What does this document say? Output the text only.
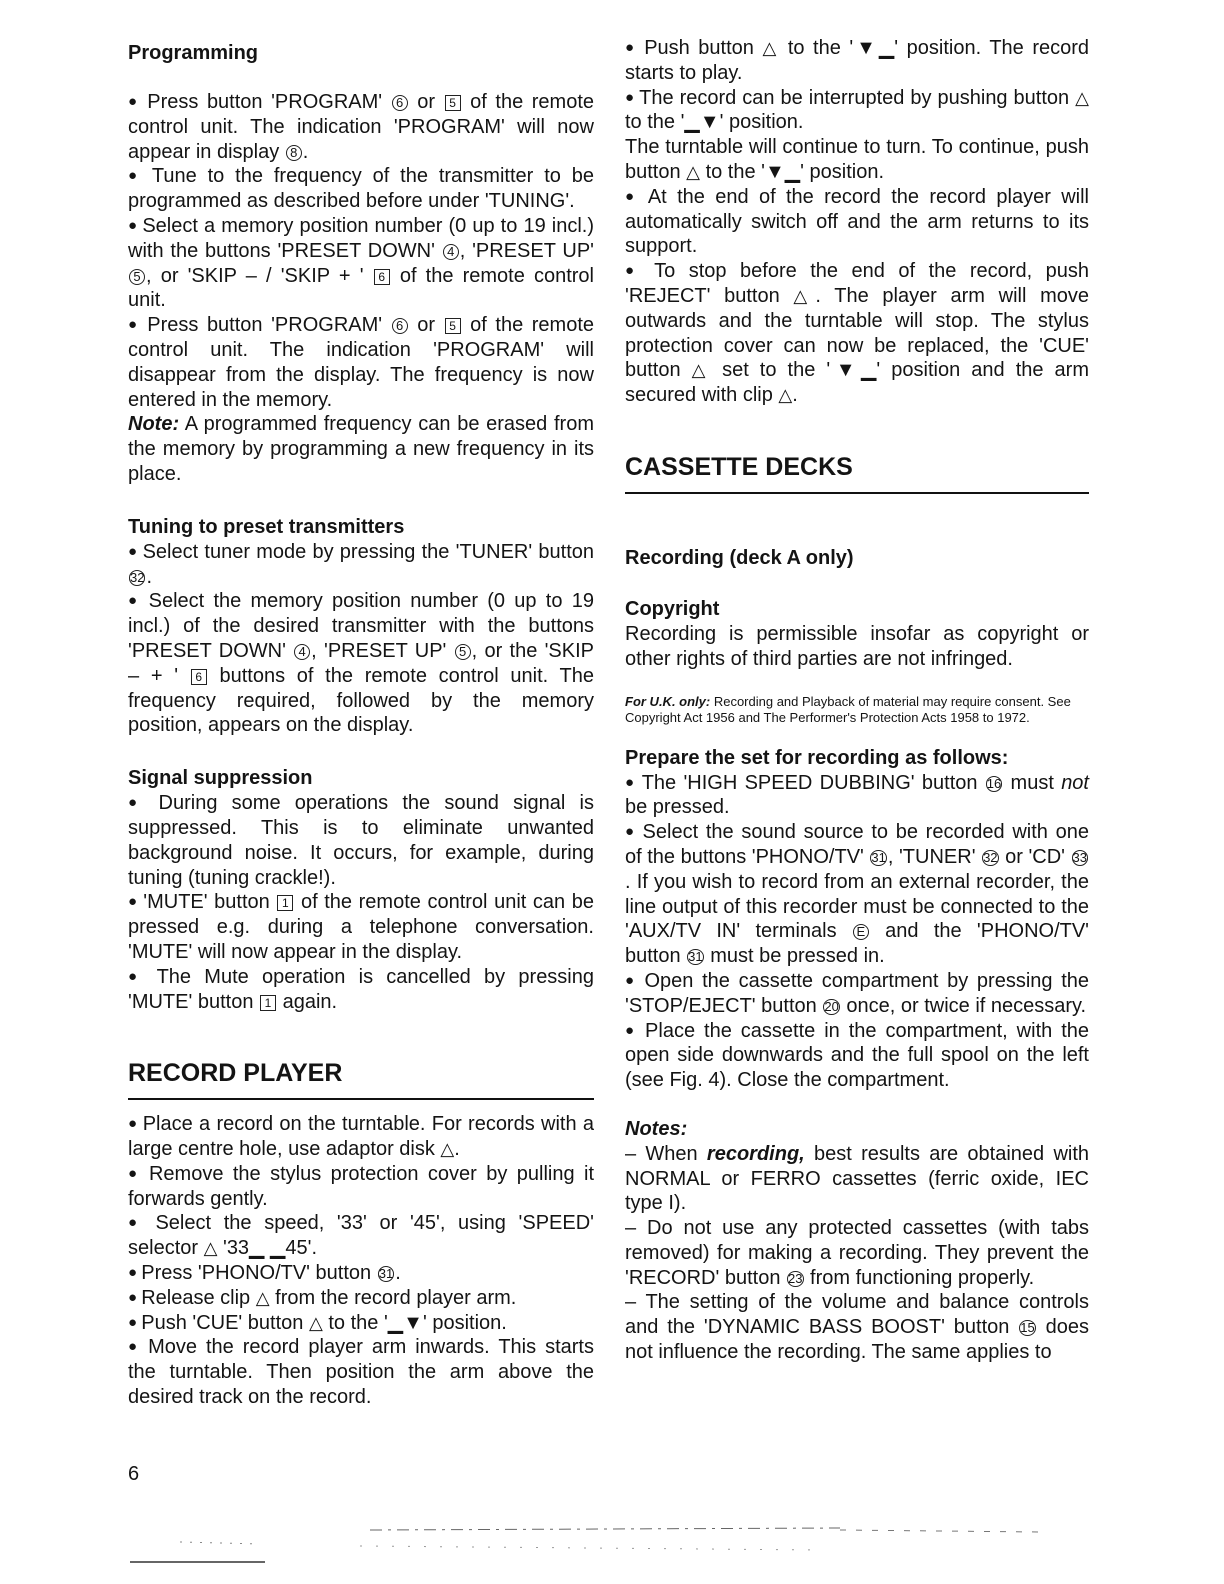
Programming

● Press button 'PROGRAM' 6 or 5 of the remote control unit. The indication 'PROGRAM' will now appear in display 8 .

● Tune to the frequency of the transmitter to be programmed as described before under 'TUNING'.

● Select a memory position number (0 up to 19 incl.) with the buttons 'PRESET DOWN' 4 , 'PRESET UP' 5 , or 'SKIP – / 'SKIP + ' 6 of the remote control unit.

● Press button 'PROGRAM' 6 or 5 of the remote control unit. The indication 'PROGRAM' will disappear from the display. The frequency is now entered in the memory.

Note: A programmed frequency can be erased from the memory by programming a new frequency in its place.

Tuning to preset transmitters

● Select tuner mode by pressing the 'TUNER' button 32 .

● Select the memory position number (0 up to 19 incl.) of the desired transmitter with the buttons 'PRESET DOWN' 4 , 'PRESET UP' 5 , or the 'SKIP – + ' 6 buttons of the remote control unit. The frequency required, followed by the memory position, appears on the display.

Signal suppression

● During some operations the sound signal is suppressed. This is to eliminate unwanted background noise. It occurs, for example, during tuning (tuning crackle!).

● 'MUTE' button 1 of the remote control unit can be pressed e.g. during a telephone conversation. 'MUTE' will now appear in the display.

● The Mute operation is cancelled by pressing 'MUTE' button 1 again.

RECORD PLAYER

● Place a record on the turntable. For records with a large centre hole, use adaptor disk △.

● Remove the stylus protection cover by pulling it forwards gently.

● Select the speed, '33' or '45', using 'SPEED' selector △ '33▁ ▁45'.

● Press 'PHONO/TV' button 31 .

● Release clip △ from the record player arm.

● Push 'CUE' button △ to the '▁▼' position.

● Move the record player arm inwards. This starts the turntable. Then position the arm above the desired track on the record.

● Push button △ to the '▼▁' position. The record starts to play.

● The record can be interrupted by pushing button △ to the '▁▼' position.

The turntable will continue to turn. To continue, push button △ to the '▼▁' position.

● At the end of the record the record player will automatically switch off and the arm returns to its support.

● To stop before the end of the record, push 'REJECT' button △. The player arm will move outwards and the turntable will stop. The stylus protection cover can now be replaced, the 'CUE' button △ set to the '▼▁' position and the arm secured with clip △.

CASSETTE DECKS
Recording (deck A only)
Copyright

Recording is permissible insofar as copyright or other rights of third parties are not infringed.

For U.K. only: Recording and Playback of material may require consent. See Copyright Act 1956 and The Performer's Protection Acts 1958 to 1972.

Prepare the set for recording as follows:

● The 'HIGH SPEED DUBBING' button 16 must not be pressed.

● Select the sound source to be recorded with one of the buttons 'PHONO/TV' 31 , 'TUNER' 32 or 'CD' 33. If you wish to record from an external recorder, the line output of this recorder must be connected to the 'AUX/TV IN' terminals E and the 'PHONO/TV' button 31 must be pressed in.

● Open the cassette compartment by pressing the 'STOP/EJECT' button 20 once, or twice if necessary.

● Place the cassette in the compartment, with the open side downwards and the full spool on the left (see Fig. 4). Close the compartment.

Notes:

– When recording, best results are obtained with NORMAL or FERRO cassettes (ferric oxide, IEC type I).

– Do not use any protected cassettes (with tabs removed) for making a recording. They prevent the 'RECORD' button 23 from functioning properly.

– The setting of the volume and balance controls and the 'DYNAMIC BASS BOOST' button 15 does not influence the recording. The same applies to

6
